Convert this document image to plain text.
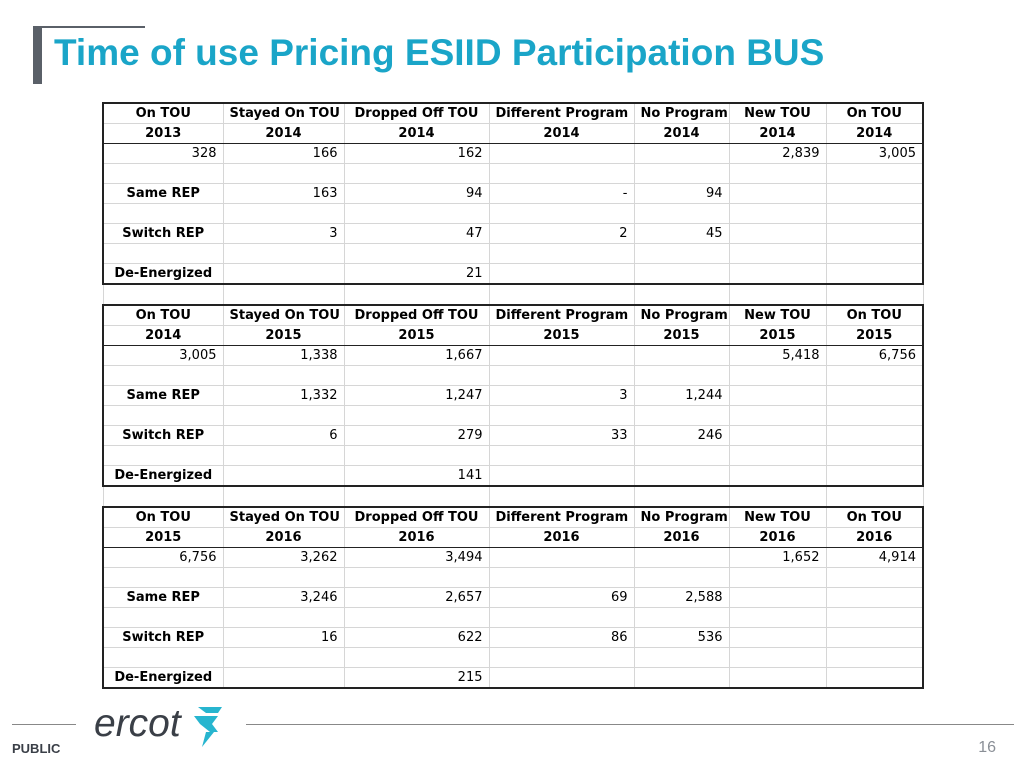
Time of use Pricing ESIID Participation BUS
On TOU	Stayed On TOU	Dropped Off TOU	Different Program	No Program	New TOU	On TOU
2013	2014	2014	2014	2014	2014	2014
328	166	162			2,839	3,005

Same REP	163	94	-	94		

Switch REP	3	47	2	45		

De-Energized		21				

On TOU	Stayed On TOU	Dropped Off TOU	Different Program	No Program	New TOU	On TOU
2014	2015	2015	2015	2015	2015	2015
3,005	1,338	1,667			5,418	6,756

Same REP	1,332	1,247	3	1,244		

Switch REP	6	279	33	246		

De-Energized		141				

On TOU	Stayed On TOU	Dropped Off TOU	Different Program	No Program	New TOU	On TOU
2015	2016	2016	2016	2016	2016	2016
6,756	3,262	3,494			1,652	4,914

Same REP	3,246	2,657	69	2,588		

Switch REP	16	622	86	536		

De-Energized		215				
ercot
PUBLIC	16
